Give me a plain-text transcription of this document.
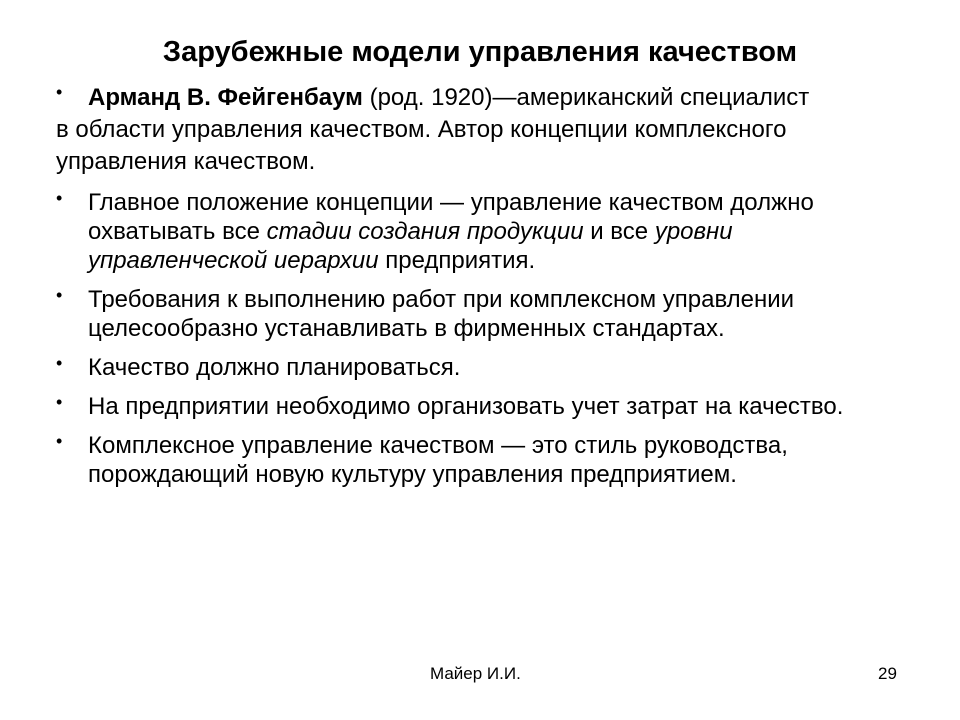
Зарубежные модели управления качеством
•	Арманд В. Фейгенбаум (род. 1920)—американский специалист
в области управления качеством. Автор концепции комплексного
управления качеством.
• Главное положение концепции — управление качеством должно охватывать все стадии создания продукции и все уровни управленческой иерархии предприятия.
• Требования к выполнению работ при комплексном управлении целесообразно устанавливать в фирменных стандартах.
• Качество должно планироваться.
• На предприятии необходимо организовать учет затрат на качество.
• Комплексное управление качеством — это стиль руководства, порождающий новую культуру управления предприятием.
Майер И.И.	29
